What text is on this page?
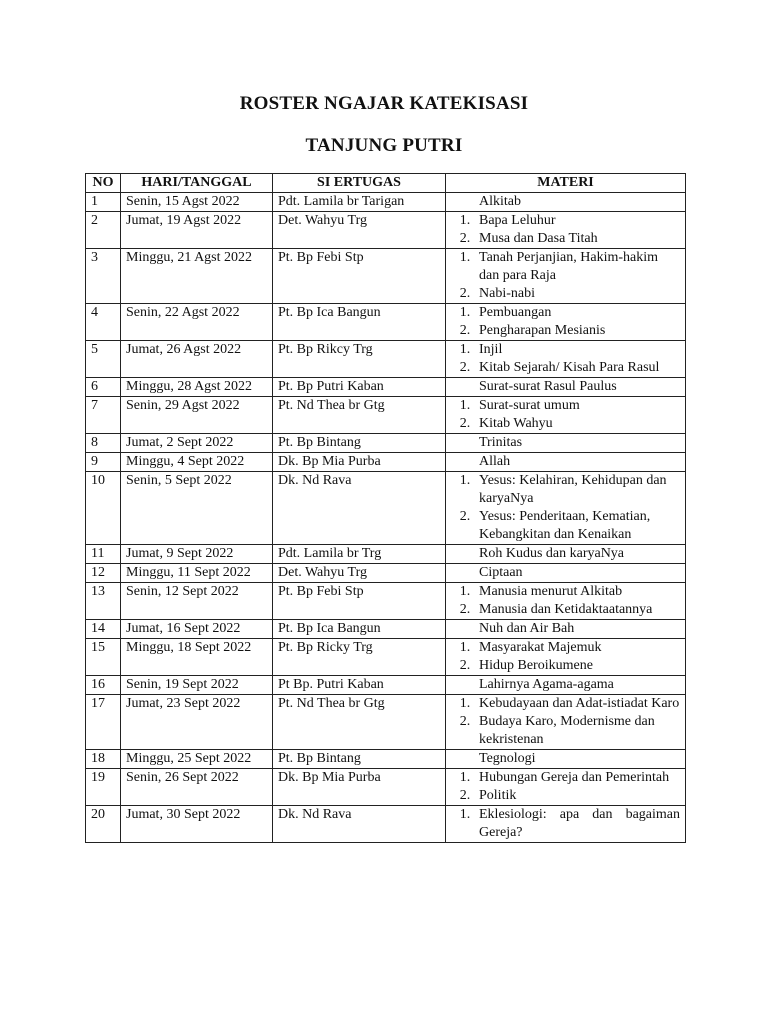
ROSTER NGAJAR KATEKISASI
TANJUNG PUTRI
NO	HARI/TANGGAL	SI ERTUGAS	MATERI
1	Senin, 15 Agst 2022	Pdt. Lamila br Tarigan	Alkitab

2	Jumat, 19 Agst 2022	Det. Wahyu Trg	1. Bapa Leluhur
2. Musa dan Dasa Titah

3	Minggu, 21 Agst 2022	Pt. Bp Febi Stp	1. Tanah Perjanjian, Hakim-hakim dan para Raja
2. Nabi-nabi

4	Senin, 22 Agst 2022	Pt. Bp Ica Bangun	1. Pembuangan
2. Pengharapan Mesianis

5	Jumat, 26 Agst 2022	Pt. Bp Rikcy Trg	1. Injil
2. Kitab Sejarah/ Kisah Para Rasul

6	Minggu, 28 Agst 2022	Pt. Bp Putri Kaban	Surat-surat Rasul Paulus

7	Senin, 29 Agst 2022	Pt. Nd Thea br Gtg	1. Surat-surat umum
2. Kitab Wahyu

8	Jumat, 2 Sept 2022	Pt. Bp Bintang	Trinitas

9	Minggu, 4 Sept 2022	Dk. Bp Mia Purba	Allah

10	Senin, 5 Sept 2022	Dk. Nd Rava	1. Yesus: Kelahiran, Kehidupan dan karyaNya
2. Yesus: Penderitaan, Kematian, Kebangkitan dan Kenaikan

11	Jumat, 9 Sept 2022	Pdt. Lamila br Trg	Roh Kudus dan karyaNya

12	Minggu, 11 Sept 2022	Det. Wahyu Trg	Ciptaan

13	Senin, 12 Sept 2022	Pt. Bp Febi Stp	1. Manusia menurut Alkitab
2. Manusia dan Ketidaktaatannya

14	Jumat, 16 Sept 2022	Pt. Bp Ica Bangun	Nuh dan Air Bah

15	Minggu, 18 Sept 2022	Pt. Bp Ricky Trg	1. Masyarakat Majemuk
2. Hidup Beroikumene

16	Senin, 19 Sept 2022	Pt Bp. Putri Kaban	Lahirnya Agama-agama

17	Jumat, 23 Sept 2022	Pt. Nd Thea br Gtg	1. Kebudayaan dan Adat-istiadat Karo
2. Budaya Karo, Modernisme dan kekristenan

18	Minggu, 25 Sept 2022	Pt. Bp Bintang	Tegnologi

19	Senin, 26 Sept 2022	Dk. Bp Mia Purba	1. Hubungan Gereja dan Pemerintah
2. Politik

20	Jumat, 30 Sept 2022	Dk. Nd Rava	1. Eklesiologi: apa dan bagaiman Gereja?
